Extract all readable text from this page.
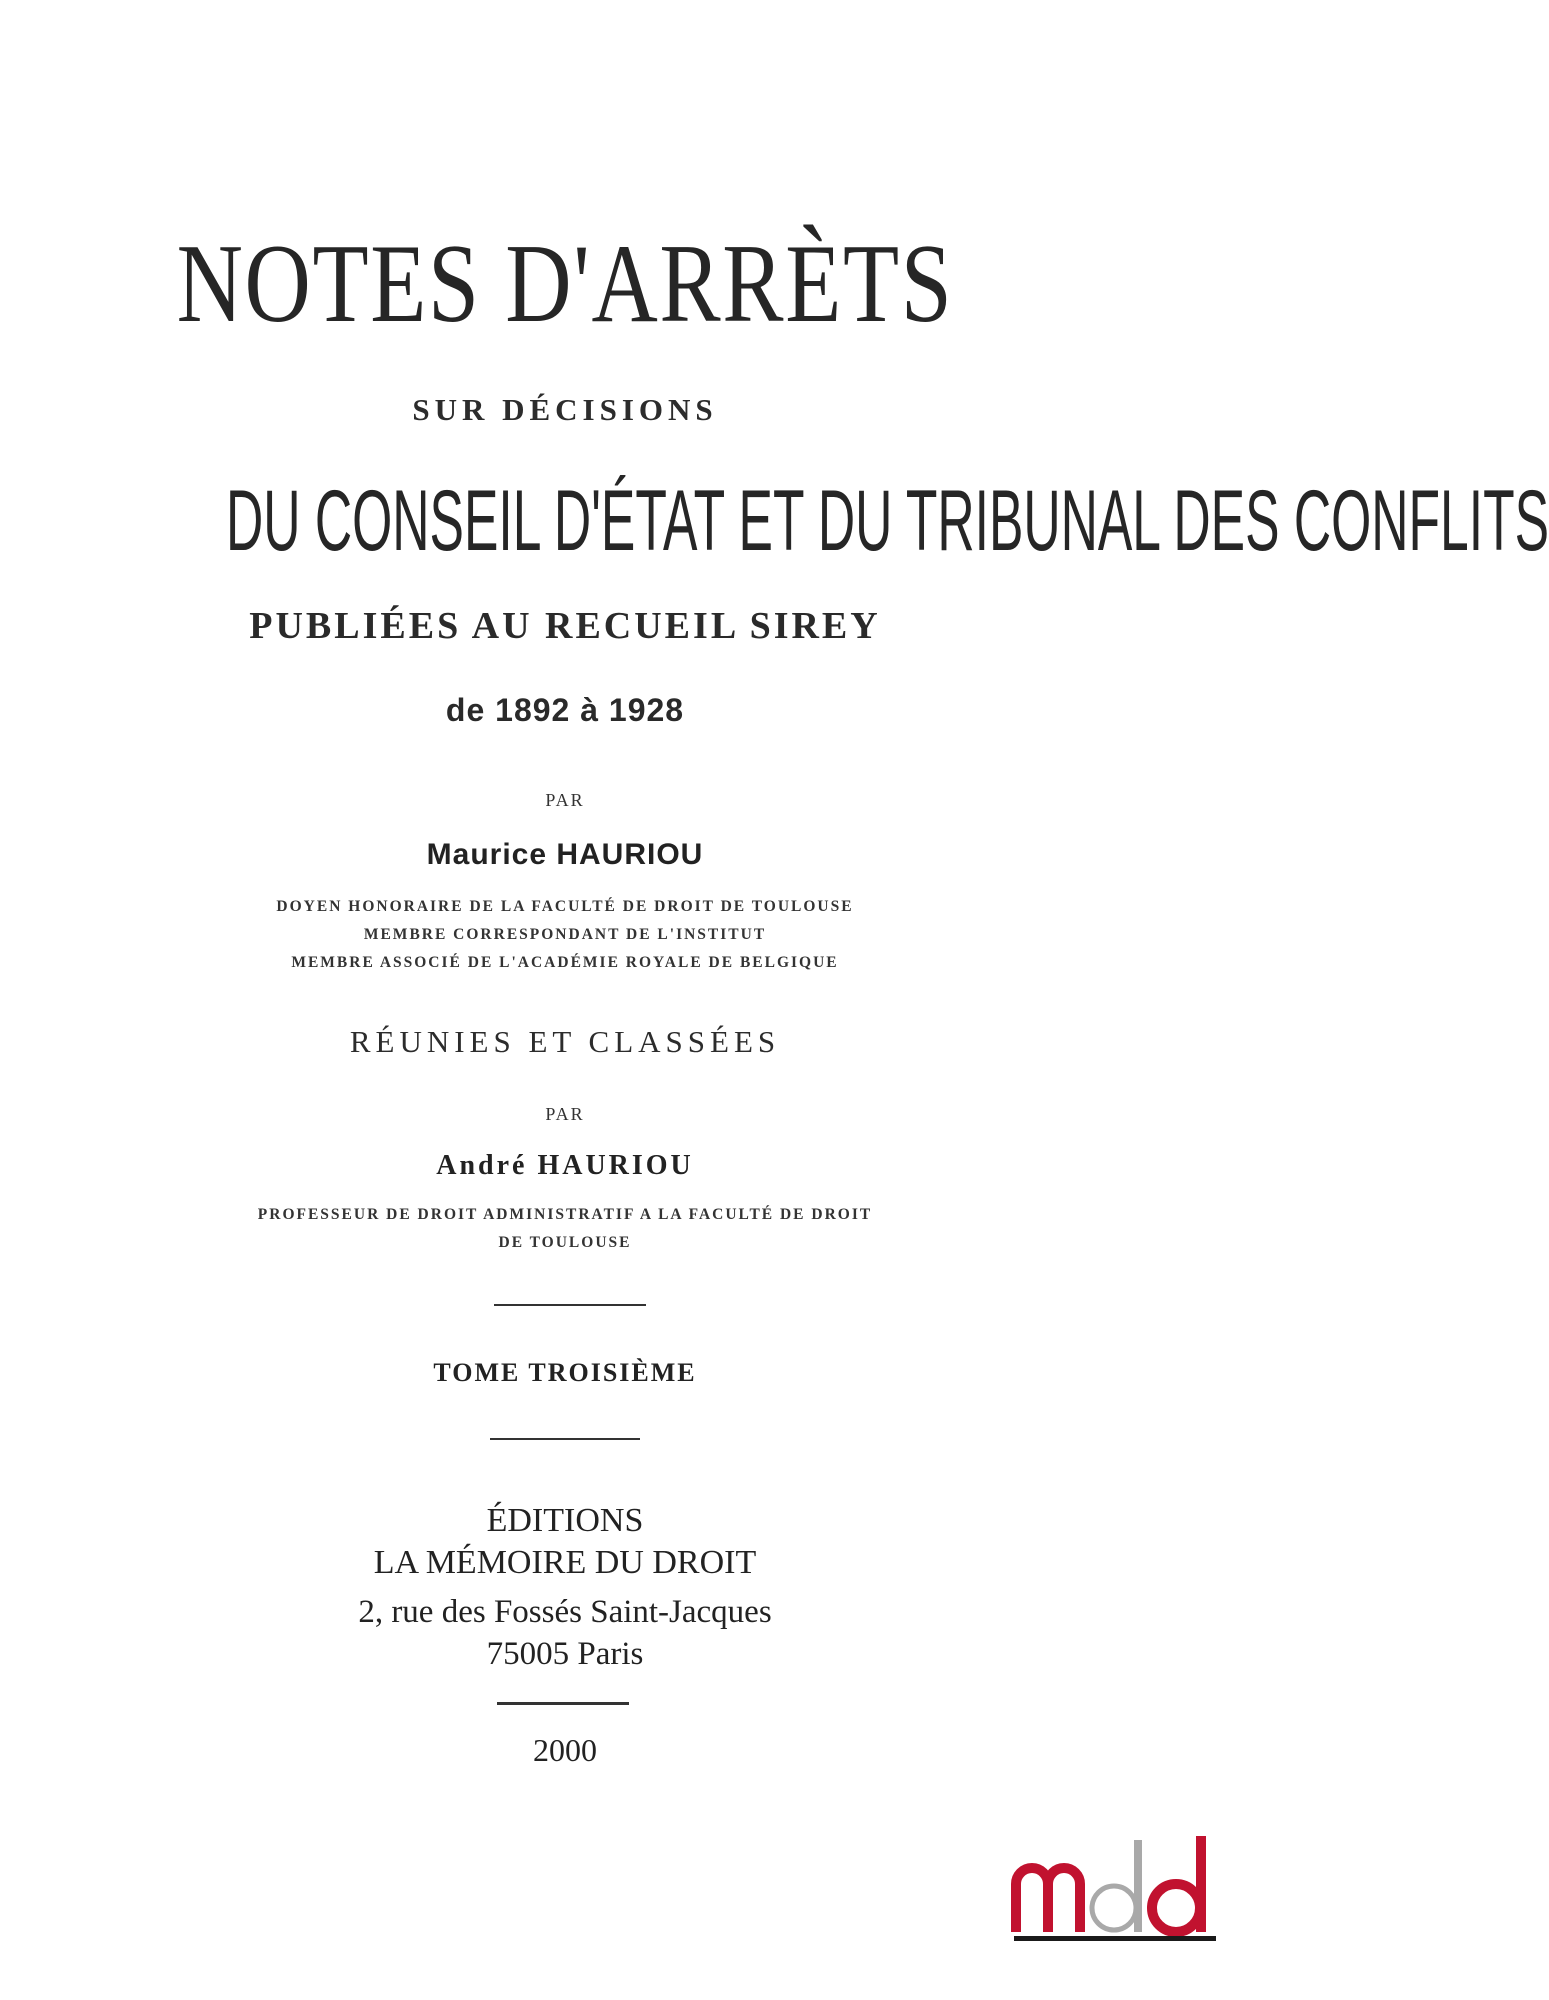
NOTES D'ARRÈTS
SUR DÉCISIONS
DU CONSEIL D'ÉTAT ET DU TRIBUNAL DES CONFLITS
PUBLIÉES AU RECUEIL SIREY
de 1892 à 1928
PAR
Maurice HAURIOU
DOYEN HONORAIRE DE LA FACULTÉ DE DROIT DE TOULOUSE
MEMBRE CORRESPONDANT DE L'INSTITUT
MEMBRE ASSOCIÉ DE L'ACADÉMIE ROYALE DE BELGIQUE
RÉUNIES ET CLASSÉES
PAR
André HAURIOU
PROFESSEUR DE DROIT ADMINISTRATIF A LA FACULTÉ DE DROIT
DE TOULOUSE
TOME TROISIÈME
ÉDITIONS
LA MÉMOIRE DU DROIT
2, rue des Fossés Saint-Jacques
75005 Paris
2000
